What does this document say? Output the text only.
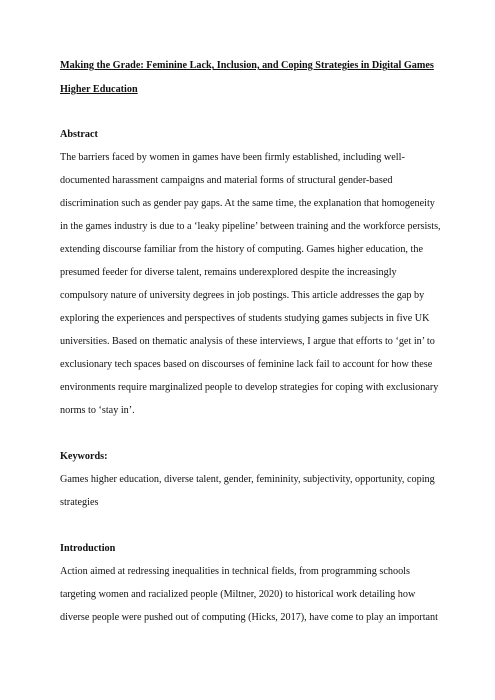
Making the Grade: Feminine Lack, Inclusion, and Coping Strategies in Digital Games
Higher Education
Abstract
The barriers faced by women in games have been firmly established, including well-
documented harassment campaigns and material forms of structural gender-based
discrimination such as gender pay gaps. At the same time, the explanation that homogeneity
in the games industry is due to a ‘leaky pipeline’ between training and the workforce persists,
extending discourse familiar from the history of computing. Games higher education, the
presumed feeder for diverse talent, remains underexplored despite the increasingly
compulsory nature of university degrees in job postings. This article addresses the gap by
exploring the experiences and perspectives of students studying games subjects in five UK
universities. Based on thematic analysis of these interviews, I argue that efforts to ‘get in’ to
exclusionary tech spaces based on discourses of feminine lack fail to account for how these
environments require marginalized people to develop strategies for coping with exclusionary
norms to ‘stay in’.
Keywords:
Games higher education, diverse talent, gender, femininity, subjectivity, opportunity, coping
strategies
Introduction
Action aimed at redressing inequalities in technical fields, from programming schools
targeting women and racialized people (Miltner, 2020) to historical work detailing how
diverse people were pushed out of computing (Hicks, 2017), have come to play an important
